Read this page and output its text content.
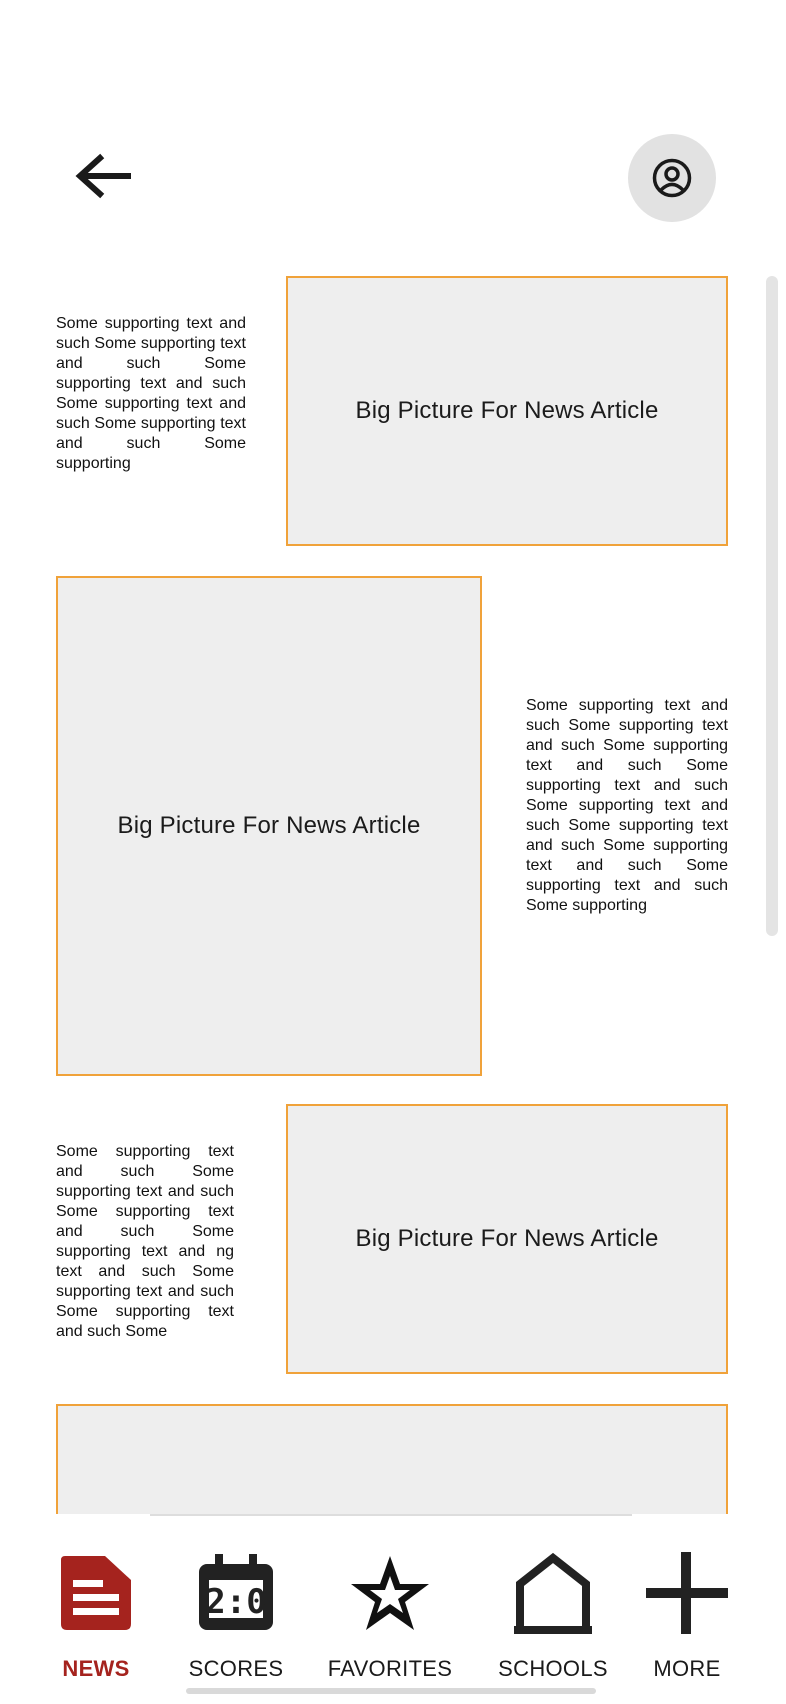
Some supporting text and such Some supporting text and such Some supporting text and such Some supporting text and such Some supporting text and such Some supporting
Big Picture For News Article
Big Picture For News Article
Some supporting text and such Some supporting text and such Some supporting text and such Some supporting text and such Some supporting text and such Some supporting text and such Some supporting text and such Some supporting text and such Some supporting
Some supporting text and such Some supporting text and such Some supporting text and such Some supporting text and ng text and such Some supporting text and such Some supporting text and such Some
Big Picture For News Article
NEWS
2:0
SCORES	FAVORITES	SCHOOLS	MORE
